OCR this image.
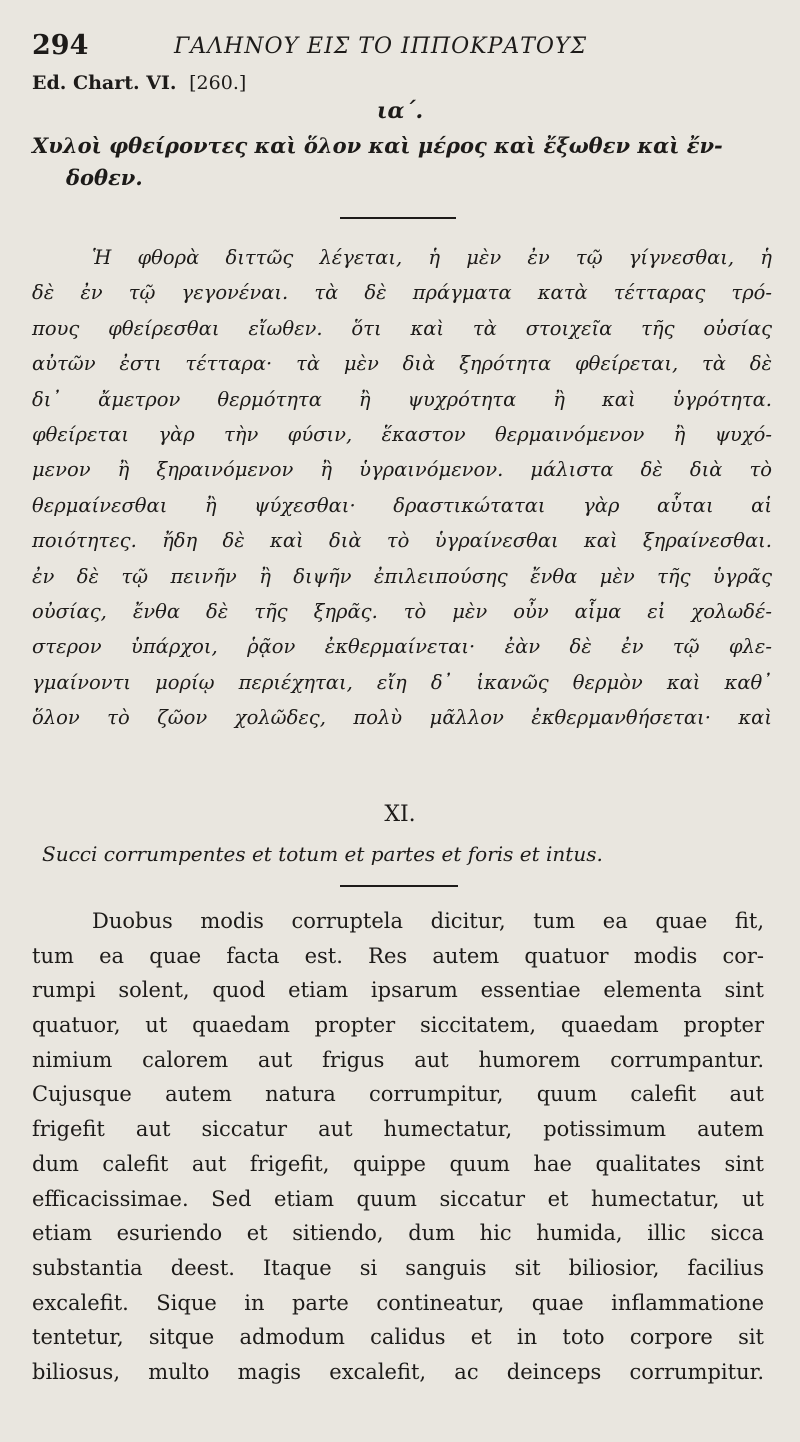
294	ΓΑΛΗΝΟΥ ΕΙΣ ΤΟ ΙΠΠΟΚΡΑΤΟΥΣ
Ed. Chart. VI. [260.]
ια΄.
Χυλοὶ φθείροντες καὶ ὅλον καὶ μέρος καὶ ἔξωθεν καὶ ἔν-
δοθεν.
Ἡ φθορὰ διττῶς λέγεται, ἡ μὲν ἐν τῷ γίγνεσθαι, ἡ
δὲ ἐν τῷ γεγονέναι. τὰ δὲ πράγματα κατὰ τέτταρας τρό-
πους φθείρεσθαι εἴωθεν. ὅτι καὶ τὰ στοιχεῖα τῆς οὐσίας
αὐτῶν ἐστι τέτταρα· τὰ μὲν διὰ ξηρότητα φθείρεται, τὰ δὲ
δι᾽ ἄμετρον θερμότητα ἢ ψυχρότητα ἢ καὶ ὑγρότητα.
φθείρεται γὰρ τὴν φύσιν, ἕκαστον θερμαινόμενον ἢ ψυχό-
μενον ἢ ξηραινόμενον ἢ ὑγραινόμενον. μάλιστα δὲ διὰ τὸ
θερμαίνεσθαι ἢ ψύχεσθαι· δραστικώταται γὰρ αὗται αἱ
ποιότητες. ἤδη δὲ καὶ διὰ τὸ ὑγραίνεσθαι καὶ ξηραίνεσθαι.
ἐν δὲ τῷ πεινῆν ἢ διψῆν ἐπιλειπούσης ἔνθα μὲν τῆς ὑγρᾶς
οὐσίας, ἔνθα δὲ τῆς ξηρᾶς. τὸ μὲν οὖν αἷμα εἰ χολωδέ-
στερον ὑπάρχοι, ῥᾷον ἐκθερμαίνεται· ἐὰν δὲ ἐν τῷ φλε-
γμαίνοντι μορίῳ περιέχηται, εἴη δ᾽ ἱκανῶς θερμὸν καὶ καθ᾽
ὅλον τὸ ζῶον χολῶδες, πολὺ μᾶλλον ἐκθερμανθήσεται· καὶ
XI.
Succi corrumpentes et totum et partes et foris et intus.
Duobus modis corruptela dicitur, tum ea quae fit,
tum ea quae facta est. Res autem quatuor modis cor-
rumpi solent, quod etiam ipsarum essentiae elementa sint
quatuor, ut quaedam propter siccitatem, quaedam propter
nimium calorem aut frigus aut humorem corrumpantur.
Cujusque autem natura corrumpitur, quum calefit aut
frigefit aut siccatur aut humectatur, potissimum autem
dum calefit aut frigefit, quippe quum hae qualitates sint
efficacissimae. Sed etiam quum siccatur et humectatur, ut
etiam esuriendo et sitiendo, dum hic humida, illic sicca
substantia deest. Itaque si sanguis sit biliosior, facilius
excalefit. Sique in parte contineatur, quae inflammatione
tentetur, sitque admodum calidus et in toto corpore sit
biliosus, multo magis excalefit, ac deinceps corrumpitur.
